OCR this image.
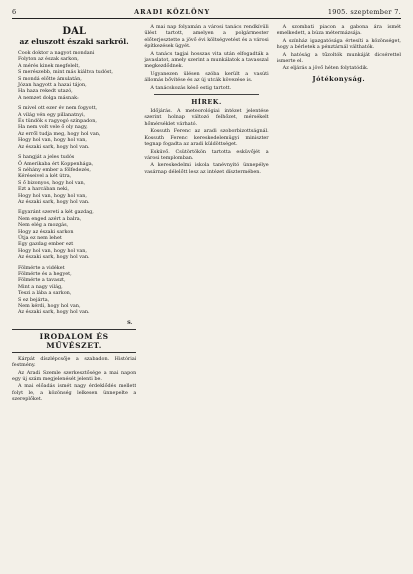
6	ARADI KÖZLÖNY	1905. szeptember 7.
DAL
az eluszott északi sarkról.
Cook doktor a nagyot mondani
Folyton az észak sarkon,
A mérés kinek megfelelt,
S merészebb, mint más kiáltva tudóst,
S mondá előtte ámulatán,
Józan hagyott a hazai tájon,
Ha haza rekedt utazó,
A nemzet dolga másnak:
S mivel ott ezer év nem fogyott,
A világ vén egy pillanatnyi,
És tündök s ragyogó színpadon,
Ha nem volt vele ő oly nagy,
Az erről tudja meg, hogy hol van,
Hogy hol van, hogy hol van,
Az északi sark, hogy hol van.
S hangját a jeles tudós
Ő Amerikaba ért Koppenhága,
S néhány ember a fölfedezés,
Kéréseivel a két útra,
S ő bizonyos, hogy hol van,
Ezt a harcában neki,
Hogy hol van, hogy hol van,
Az északi sark, hogy hol van.
Egyaránt szereti a két gazdag,
Nem enged azért a balra,
Nem elég a mozgás,
Hogy az északi sarkon
Útja ez nem lehet
Egy gazdag ember ezt
Hogy hol van, hogy hol van,
Az északi sark, hogy hol van.
Fölmérte a vidéket
Fölmérte és a hegyet,
Fölmérte a tavaszt,
Mint a nagy világ,
Teszi a lába a sarkon,
S ez bejárta,
Nem kérdi, hogy hol van,
Az északi sark, hogy hol van.
S.
IRODALOM ÉS MŰVÉSZET.
Kárpát díszlépcsője a szabadon. Históriai festmény.
Az Aradi Szemle szerkesztősége a mai napon egy új szám megjelenését jelenti be.
A mai előadás ismét nagy érdeklődés mellett folyt le, a közönség lelkesen ünnepelte a szereplőket.
A mai nap folyamán a városi tanács rendkívüli ülést tartott, amelyen a polgármester előterjesztette a jövő évi költségvetést és a városi építkezések ügyét.
A tanács tagjai hosszas vita után elfogadták a javaslatot, amely szerint a munkálatok a tavasszal megkezdődnek.
Ugyanezen ülésen szóba került a vasúti állomás bővítése és az új utcák kövezése is.
A tanácskozás késő estig tartott.
HÍREK.
Időjárás. A meteorológiai intézet jelentése szerint holnap változó felhőzet, mérsékelt hőmérséklet várható.
Kossuth Ferenc az aradi szoborbizottságnál. Kossuth Ferenc kereskedelemügyi miniszter tegnap fogadta az aradi küldöttséget.
Esküvő. Csütörtökön tartotta esküvőjét a városi templomban.
A kereskedelmi iskola tanévnyitó ünnepélye vasárnap délelőtt lesz az intézet dísztermében.
A szombati piacon a gabona ára ismét emelkedett, a búza métermázsája.
A színház igazgatósága értesíti a közönséget, hogy a bérletek a pénztárnál válthatók.
A hatóság a tűzoltók munkáját dicsérettel ismerte el.
Az eljárás a jövő héten folytatódik.
Jótékonyság.
